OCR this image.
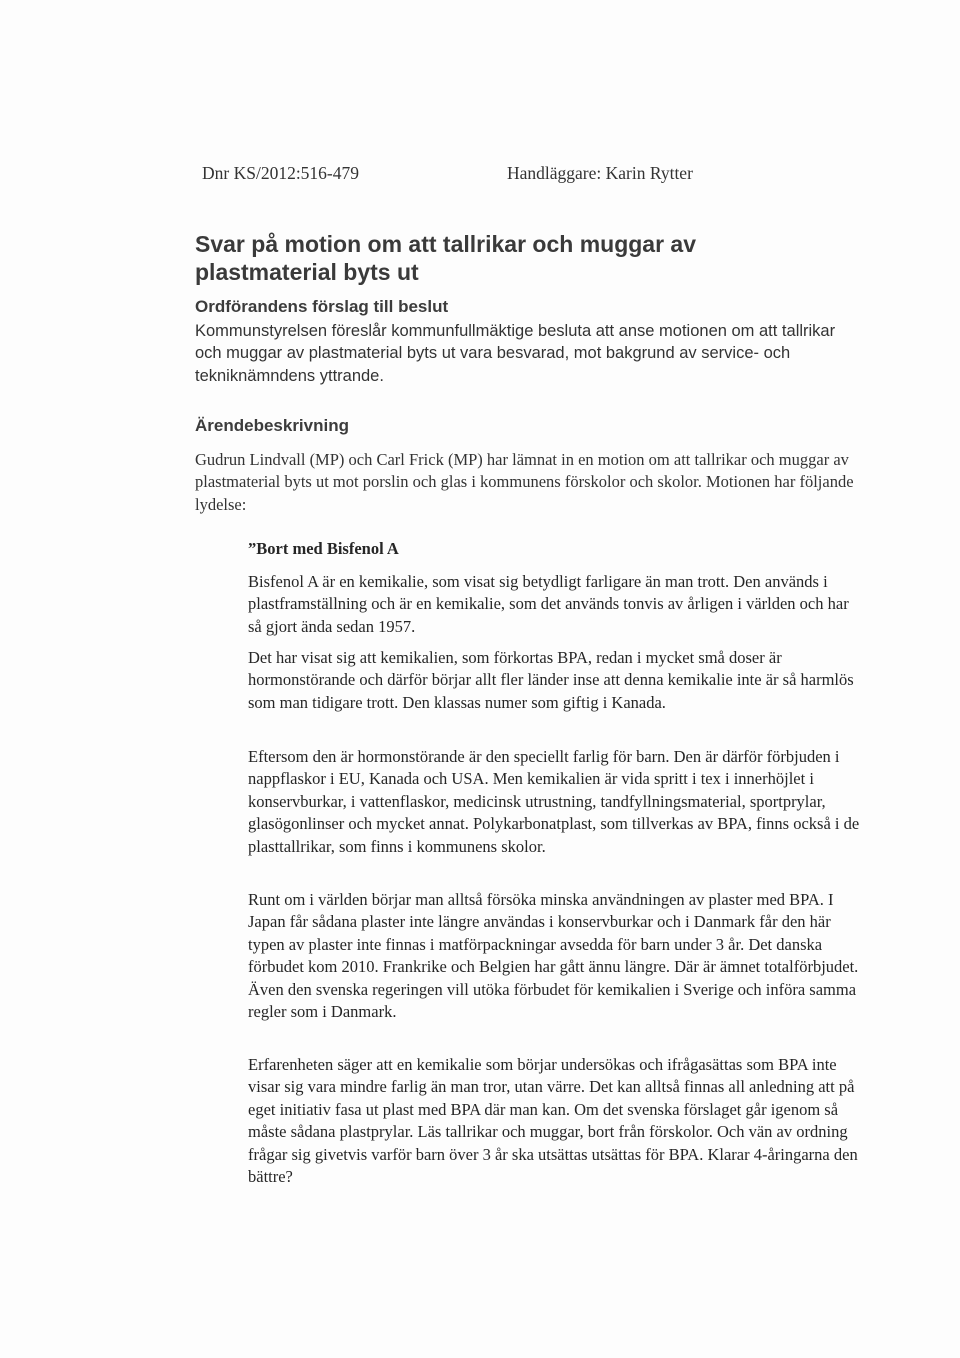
Dnr KS/2012:516-479	Handläggare: Karin Rytter
Svar på motion om att tallrikar och muggar av plastmaterial byts ut
Ordförandens förslag till beslut

Kommunstyrelsen föreslår kommunfullmäktige besluta att anse motionen om att tallrikar och muggar av plastmaterial byts ut vara besvarad, mot bakgrund av service- och tekniknämndens yttrande.

Ärendebeskrivning

Gudrun Lindvall (MP) och Carl Frick (MP) har lämnat in en motion om att tallrikar och muggar av plastmaterial byts ut mot porslin och glas i kommunens förskolor och skolor. Motionen har följande lydelse:

”Bort med Bisfenol A

Bisfenol A är en kemikalie, som visat sig betydligt farligare än man trott. Den används i plastframställning och är en kemikalie, som det används tonvis av årligen i världen och har så gjort ända sedan 1957.

Det har visat sig att kemikalien, som förkortas BPA, redan i mycket små doser är hormonstörande och därför börjar allt fler länder inse att denna kemikalie inte är så harmlös som man tidigare trott. Den klassas numer som giftig i Kanada.

Eftersom den är hormonstörande är den speciellt farlig för barn. Den är därför förbjuden i nappflaskor i EU, Kanada och USA. Men kemikalien är vida spritt i tex i innerhöjlet i konservburkar, i vattenflaskor, medicinsk utrustning, tandfyllningsmaterial, sportprylar, glasögonlinser och mycket annat. Polykarbonatplast, som tillverkas av BPA, finns också i de plasttallrikar, som finns i kommunens skolor.

Runt om i världen börjar man alltså försöka minska användningen av plaster med BPA. I Japan får sådana plaster inte längre användas i konservburkar och i Danmark får den här typen av plaster inte finnas i matförpackningar avsedda för barn under 3 år. Det danska förbudet kom 2010. Frankrike och Belgien har gått ännu längre. Där är ämnet totalförbjudet. Även den svenska regeringen vill utöka förbudet för kemikalien i Sverige och införa samma regler som i Danmark.

Erfarenheten säger att en kemikalie som börjar undersökas och ifrågasättas som BPA inte visar sig vara mindre farlig än man tror, utan värre. Det kan alltså finnas all anledning att på eget initiativ fasa ut plast med BPA där man kan. Om det svenska förslaget går igenom så måste sådana plastprylar. Läs tallrikar och muggar, bort från förskolor. Och vän av ordning frågar sig givetvis varför barn över 3 år ska utsättas utsättas för BPA. Klarar 4-åringarna den bättre?
